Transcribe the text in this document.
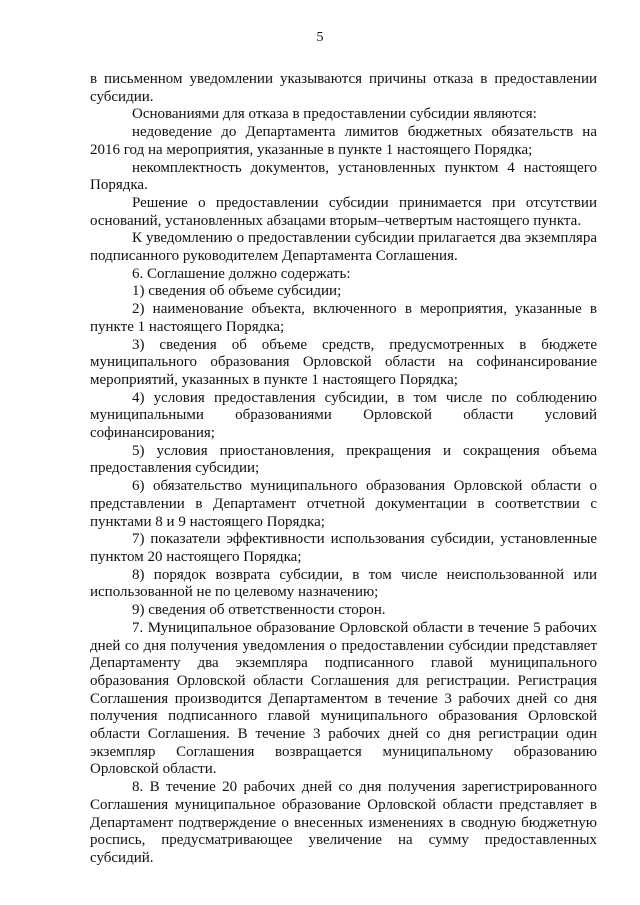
5

в письменном уведомлении указываются причины отказа в предоставлении субсидии.

Основаниями для отказа в предоставлении субсидии являются:

недоведение до Департамента лимитов бюджетных обязательств на 2016 год на мероприятия, указанные в пункте 1 настоящего Порядка;

некомплектность документов, установленных пунктом 4 настоящего Порядка.

Решение о предоставлении субсидии принимается при отсутствии оснований, установленных абзацами вторым–четвертым настоящего пункта.

К уведомлению о предоставлении субсидии прилагается два экземпляра подписанного руководителем Департамента Соглашения.

6. Соглашение должно содержать:

1) сведения об объеме субсидии;

2) наименование объекта, включенного в мероприятия, указанные в пункте 1 настоящего Порядка;

3) сведения об объеме средств, предусмотренных в бюджете муниципального образования Орловской области на софинансирование мероприятий, указанных в пункте 1 настоящего Порядка;

4) условия предоставления субсидии, в том числе по соблюдению муниципальными образованиями Орловской области условий софинансирования;

5) условия приостановления, прекращения и сокращения объема предоставления субсидии;

6) обязательство муниципального образования Орловской области о представлении в Департамент отчетной документации в соответствии с пунктами 8 и 9 настоящего Порядка;

7) показатели эффективности использования субсидии, установленные пунктом 20 настоящего Порядка;

8) порядок возврата субсидии, в том числе неиспользованной или использованной не по целевому назначению;

9) сведения об ответственности сторон.

7. Муниципальное образование Орловской области в течение 5 рабочих дней со дня получения уведомления о предоставлении субсидии представляет Департаменту два экземпляра подписанного главой муниципального образования Орловской области Соглашения для регистрации. Регистрация Соглашения производится Департаментом в течение 3 рабочих дней со дня получения подписанного главой муниципального образования Орловской области Соглашения. В течение 3 рабочих дней со дня регистрации один экземпляр Соглашения возвращается муниципальному образованию Орловской области.

8. В течение 20 рабочих дней со дня получения зарегистрированного Соглашения муниципальное образование Орловской области представляет в Департамент подтверждение о внесенных изменениях в сводную бюджетную роспись, предусматривающее увеличение на сумму предоставленных субсидий.
